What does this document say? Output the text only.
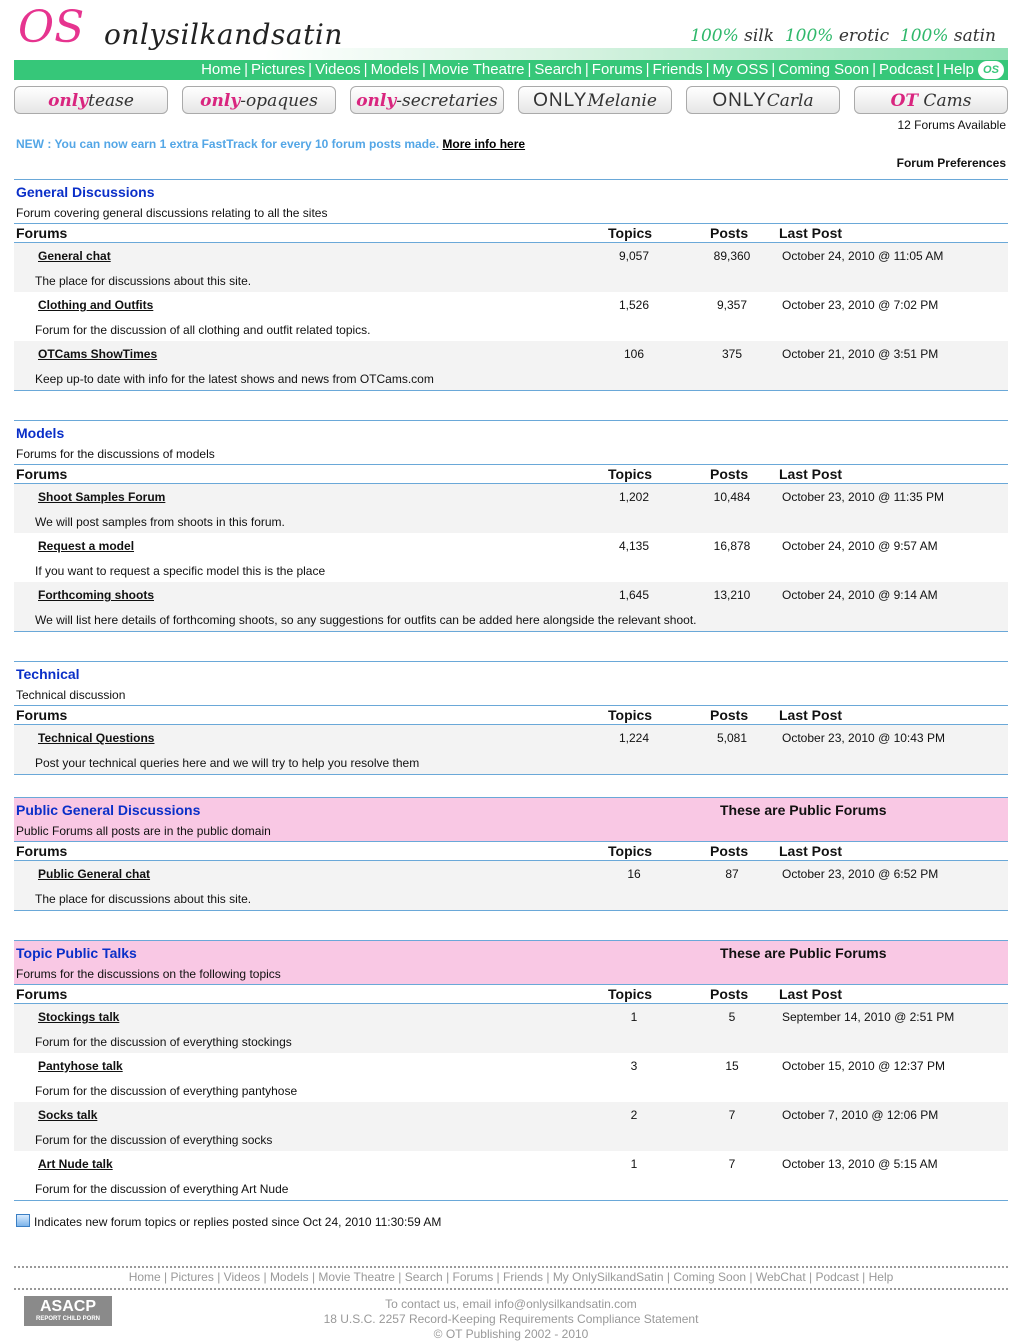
OS onlysilkandsatin	100% silk 100% erotic 100% satin
Home | Pictures | Videos | Models | Movie Theatre | Search | Forums | Friends | My OSS | Coming Soon | Podcast | Help OS
onlytease	only-opaques	only-secretaries	ONLYMelanie	ONLYCarla	OT Cams
12 Forums Available
NEW : You can now earn 1 extra FastTrack for every 10 forum posts made. More info here
Forum Preferences
General Discussions
Forum covering general discussions relating to all the sites
Forums	Topics	Posts Last Post
General chat	9,057	89,360	October 24, 2010 @ 11:05 AM
The place for discussions about this site.
Clothing and Outfits	1,526	9,357	October 23, 2010 @ 7:02 PM
Forum for the discussion of all clothing and outfit related topics.
OTCams ShowTimes	106	375	October 21, 2010 @ 3:51 PM
Keep up-to date with info for the latest shows and news from OTCams.com
Models
Forums for the discussions of models
Forums	Topics	Posts Last Post
Shoot Samples Forum	1,202	10,484	October 23, 2010 @ 11:35 PM
We will post samples from shoots in this forum.
Request a model	4,135	16,878	October 24, 2010 @ 9:57 AM
If you want to request a specific model this is the place
Forthcoming shoots	1,645	13,210	October 24, 2010 @ 9:14 AM
We will list here details of forthcoming shoots, so any suggestions for outfits can be added here alongside the relevant shoot.
Technical
Technical discussion
Forums	Topics	Posts Last Post
Technical Questions	1,224	5,081	October 23, 2010 @ 10:43 PM
Post your technical queries here and we will try to help you resolve them
Public General Discussions
Public Forums all posts are in the public domain
These are Public Forums
Forums	Topics	Posts Last Post
Public General chat	16	87	October 23, 2010 @ 6:52 PM
The place for discussions about this site.
Topic Public Talks
Forums for the discussions on the following topics
These are Public Forums
Forums	Topics	Posts Last Post
Stockings talk	1	5	September 14, 2010 @ 2:51 PM
Forum for the discussion of everything stockings
Pantyhose talk	3	15	October 15, 2010 @ 12:37 PM
Forum for the discussion of everything pantyhose
Socks talk	2	7	October 7, 2010 @ 12:06 PM
Forum for the discussion of everything socks
Art Nude talk	1	7	October 13, 2010 @ 5:15 AM
Forum for the discussion of everything Art Nude
Indicates new forum topics or replies posted since Oct 24, 2010 11:30:59 AM
Home | Pictures | Videos | Models | Movie Theatre | Search | Forums | Friends | My OnlySilkandSatin | Coming Soon | WebChat | Podcast | Help
ASACP
REPORT CHILD PORN
To contact us, email info@onlysilkandsatin.com
18 U.S.C. 2257 Record-Keeping Requirements Compliance Statement
© OT Publishing 2002 - 2010
